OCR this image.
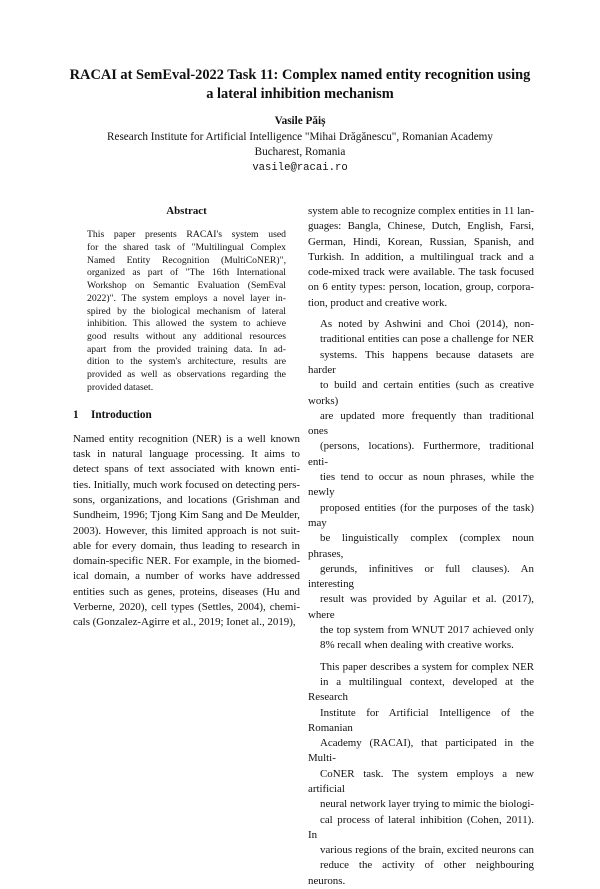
RACAI at SemEval-2022 Task 11: Complex named entity recognition using
a lateral inhibition mechanism
Vasile Păiș
Research Institute for Artificial Intelligence "Mihai Drăgănescu", Romanian Academy
Bucharest, Romania
vasile@racai.ro
Abstract

This paper presents RACAI's system used
for the shared task of "Multilingual Complex
Named Entity Recognition (MultiCoNER)",
organized as part of "The 16th International
Workshop on Semantic Evaluation (SemEval
2022)". The system employs a novel layer in-
spired by the biological mechanism of lateral
inhibition. This allowed the system to achieve
good results without any additional resources
apart from the provided training data. In ad-
dition to the system's architecture, results are
provided as well as observations regarding the
provided dataset.

1 Introduction

Named entity recognition (NER) is a well known
task in natural language processing. It aims to
detect spans of text associated with known enti-
ties. Initially, much work focused on detecting pers-
sons, organizations, and locations (Grishman and
Sundheim, 1996; Tjong Kim Sang and De Meulder,
2003). However, this limited approach is not suit-
able for every domain, thus leading to research in
domain-specific NER. For example, in the biomed-
ical domain, a number of works have addressed
entities such as genes, proteins, diseases (Hu and
Verberne, 2020), cell types (Settles, 2004), chemi-
cals (Gonzalez-Agirre et al., 2019; Ionet al., 2019),

system able to recognize complex entities in 11 lan-
guages: Bangla, Chinese, Dutch, English, Farsi,
German, Hindi, Korean, Russian, Spanish, and
Turkish. In addition, a multilingual track and a
code-mixed track were available. The task focused
on 6 entity types: person, location, group, corpora-
tion, product and creative work.

As noted by Ashwini and Choi (2014), non-
traditional entities can pose a challenge for NER
systems. This happens because datasets are harder
to build and certain entities (such as creative works)
are updated more frequently than traditional ones
(persons, locations). Furthermore, traditional enti-
ties tend to occur as noun phrases, while the newly
proposed entities (for the purposes of the task) may
be linguistically complex (complex noun phrases,
gerunds, infinitives or full clauses). An interesting
result was provided by Aguilar et al. (2017), where
the top system from WNUT 2017 achieved only
8% recall when dealing with creative works.

This paper describes a system for complex NER
in a multilingual context, developed at the Research
Institute for Artificial Intelligence of the Romanian
Academy (RACAI), that participated in the Multi-
CoNER task. The system employs a new artificial
neural network layer trying to mimic the biologi-
cal process of lateral inhibition (Cohen, 2011). In
various regions of the brain, excited neurons can
reduce the activity of other neighbouring neurons.
